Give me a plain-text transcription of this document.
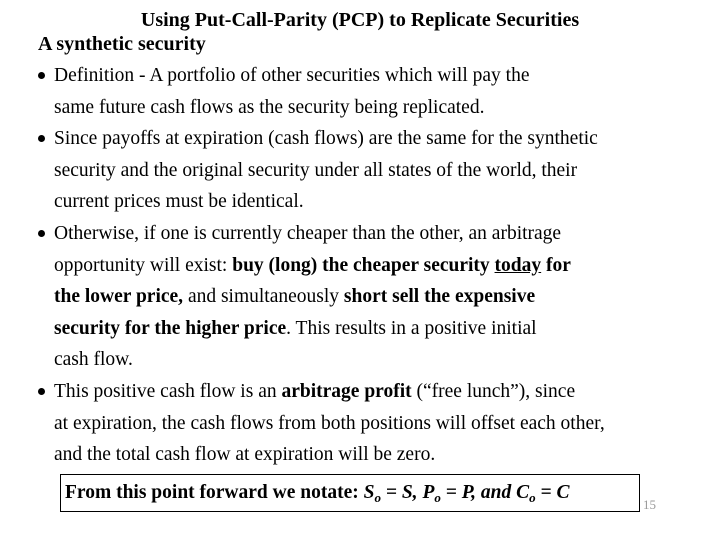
Using Put-Call-Parity (PCP) to Replicate Securities
A synthetic security
Definition - A portfolio of other securities which will pay the
same future cash flows as the security being replicated.
Since payoffs at expiration (cash flows) are the same for the synthetic
security and the original security under all states of the world, their
current prices must be identical.
Otherwise, if one is currently cheaper than the other, an arbitrage
opportunity will exist: buy (long) the cheaper security today for
the lower price, and simultaneously short sell the expensive
security for the higher price. This results in a positive initial
cash flow.
This positive cash flow is an arbitrage profit (“free lunch”), since
at expiration, the cash flows from both positions will offset each other,
and the total cash flow at expiration will be zero.
From this point forward we notate: $S_o = S$, $P_o = P$, and $C_o = C$
15
